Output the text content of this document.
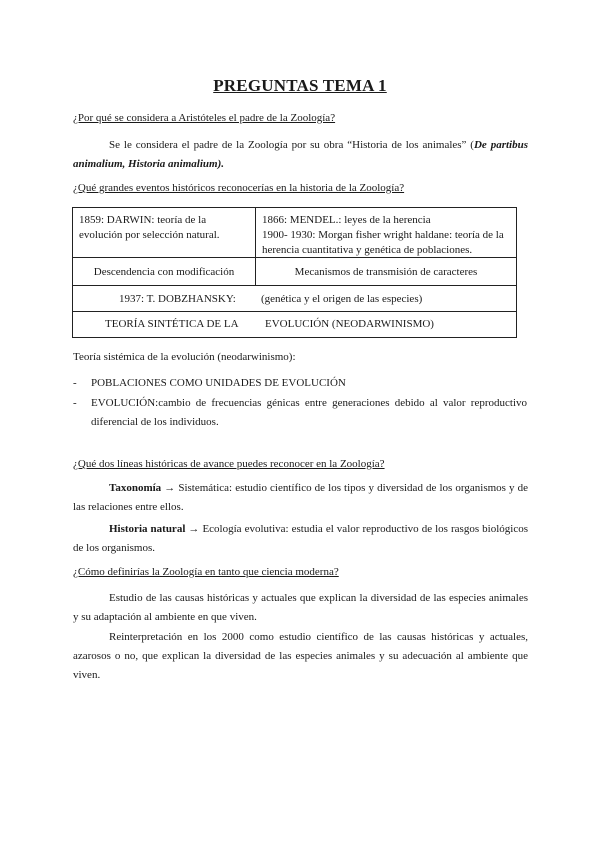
PREGUNTAS TEMA 1
¿Por qué se considera a Aristóteles el padre de la Zoología?
Se le considera el padre de la Zoología por su obra “Historia de los animales” (De partibus animalium, Historia animalium).
¿Qué grandes eventos históricos reconocerías en la historia de la Zoología?
1859: DARWIN: teoría de la evolución por selección natural.
1866: MENDEL.: leyes de la herencia
1900- 1930: Morgan fisher wright haldane: teoría de la herencia cuantitativa y genética de poblaciones.
Descendencia con modificación	Mecanismos de transmisión de caracteres
1937: T. DOBZHANSKY: (genética y el origen de las especies)
TEORÍA SINTÉTICA DE LA EVOLUCIÓN (NEODARWINISMO)
Teoría sistémica de la evolución (neodarwinismo):
- POBLACIONES COMO UNIDADES DE EVOLUCIÓN
- EVOLUCIÓN:cambio de frecuencias génicas entre generaciones debido al valor reproductivo diferencial de los individuos.
¿Qué dos líneas históricas de avance puedes reconocer en la Zoología?
Taxonomía → Sistemática: estudio científico de los tipos y diversidad de los organismos y de las relaciones entre ellos.
Historia natural → Ecología evolutiva: estudia el valor reproductivo de los rasgos biológicos de los organismos.
¿Cómo definirías la Zoología en tanto que ciencia moderna?
Estudio de las causas históricas y actuales que explican la diversidad de las especies animales y su adaptación al ambiente en que viven.
Reinterpretación en los 2000 como estudio científico de las causas históricas y actuales, azarosos o no, que explican la diversidad de las especies animales y su adecuación al ambiente que viven.
